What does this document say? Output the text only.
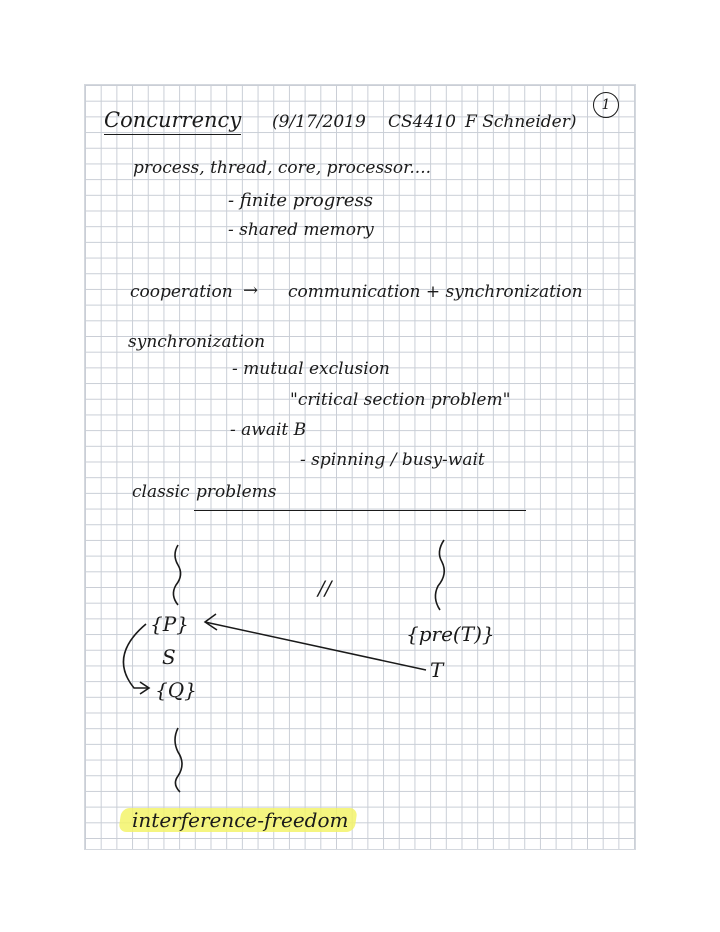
Concurrency (9/17/2019 CS4410 F Schneider)
1
process, thread, core, processor....
- finite progress
- shared memory
cooperation → communication + synchronization
synchronization
- mutual exclusion
"critical section problem"
- await B
- spinning / busy-wait
classic problems
//
{P}
S
{Q}
{pre(T)}
T
interference-freedom
